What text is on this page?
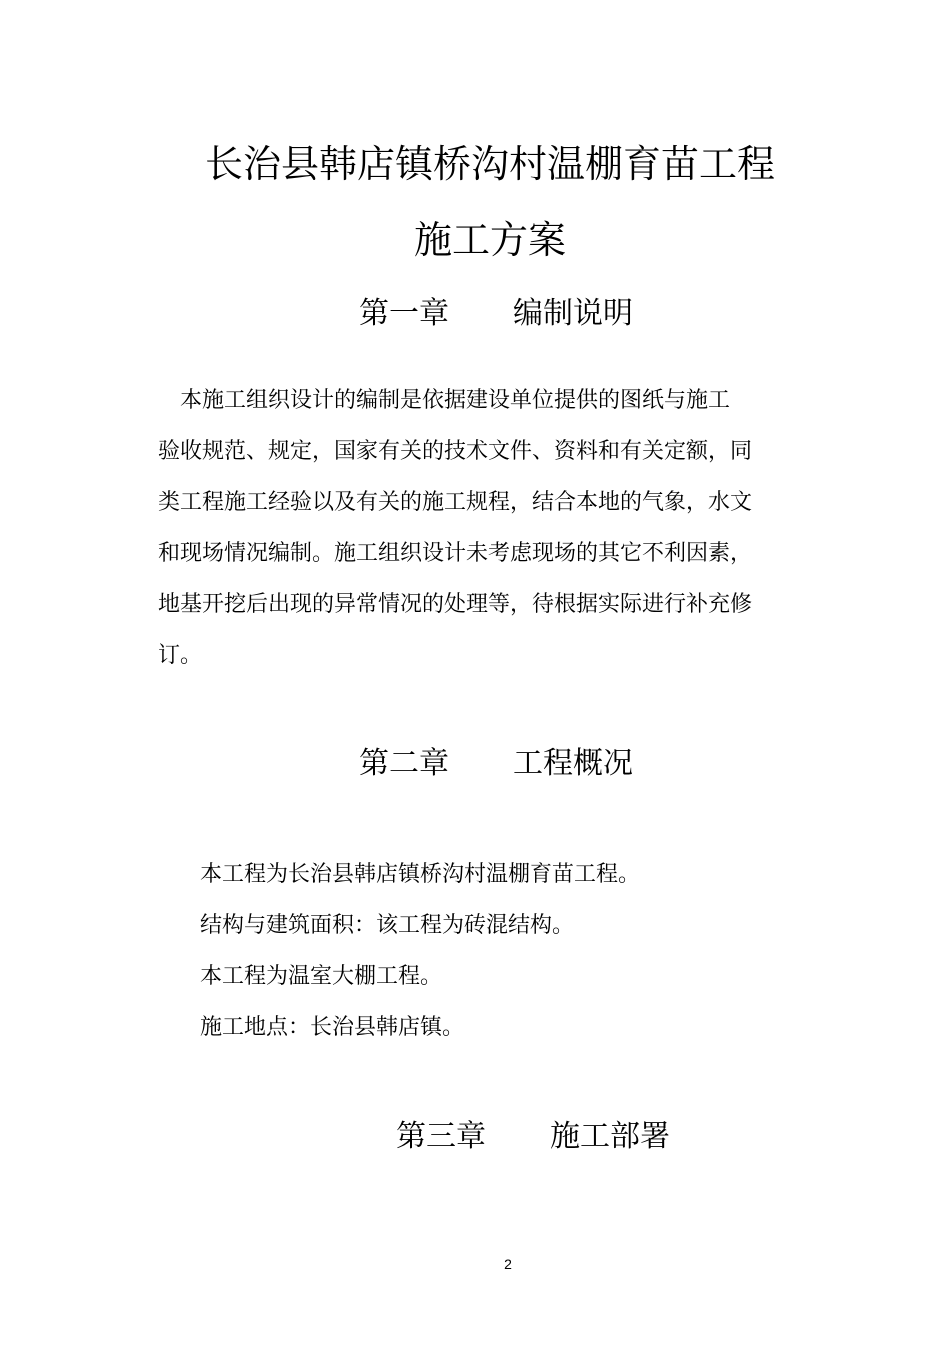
长治县韩店镇桥沟村温棚育苗工程
施工方案
第一章 编制说明
　本施工组织设计的编制是依据建设单位提供的图纸与施工
验收规范、规定，国家有关的技术文件、资料和有关定额，同
类工程施工经验以及有关的施工规程，结合本地的气象，水文
和现场情况编制。施工组织设计未考虑现场的其它不利因素，
地基开挖后出现的异常情况的处理等，待根据实际进行补充修
订。
第二章 工程概况
本工程为长治县韩店镇桥沟村温棚育苗工程。
结构与建筑面积：该工程为砖混结构。
本工程为温室大棚工程。
施工地点：长治县韩店镇。
第三章 施工部署
2
